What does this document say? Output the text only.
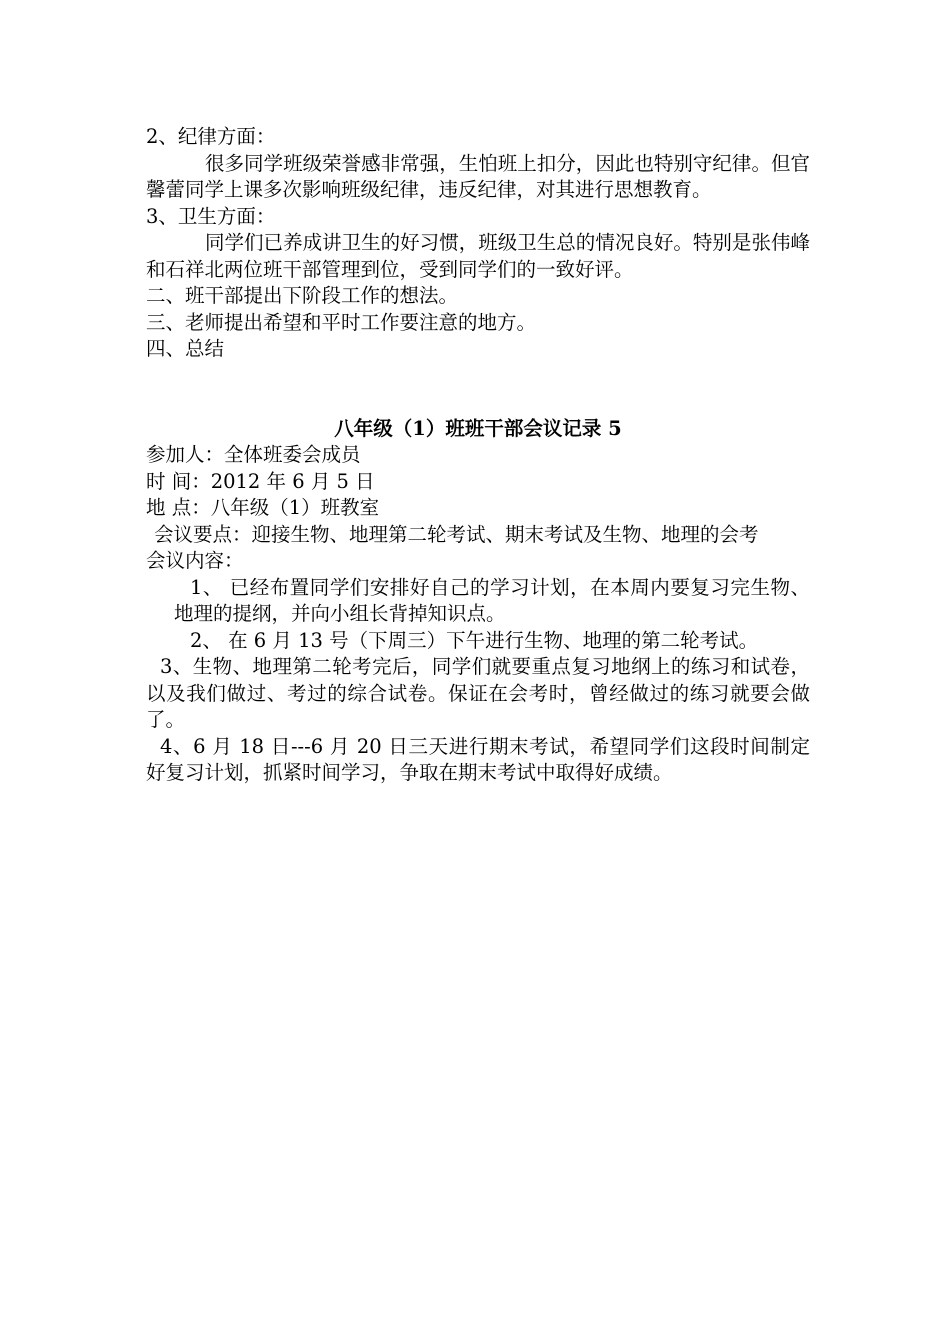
2、纪律方面：

很多同学班级荣誉感非常强，生怕班上扣分，因此也特别守纪律。但官馨蕾同学上课多次影响班级纪律，违反纪律，对其进行思想教育。

3、卫生方面：

同学们已养成讲卫生的好习惯，班级卫生总的情况良好。特别是张伟峰和石祥北两位班干部管理到位，受到同学们的一致好评。

二、班干部提出下阶段工作的想法。

三、老师提出希望和平时工作要注意的地方。

四、总结

八年级（1）班班干部会议记录 5

参加人：全体班委会成员

时 间：2012 年 6 月 5 日

地 点：八年级（1）班教室

会议要点：迎接生物、地理第二轮考试、期末考试及生物、地理的会考

会议内容：

1、 已经布置同学们安排好自己的学习计划，在本周内要复习完生物、地理的提纲，并向小组长背掉知识点。

2、 在 6 月 13 号（下周三）下午进行生物、地理的第二轮考试。

3、生物、地理第二轮考完后，同学们就要重点复习地纲上的练习和试卷，以及我们做过、考过的综合试卷。保证在会考时，曾经做过的练习就要会做了。

4、6 月 18 日---6 月 20 日三天进行期末考试，希望同学们这段时间制定好复习计划，抓紧时间学习，争取在期末考试中取得好成绩。
